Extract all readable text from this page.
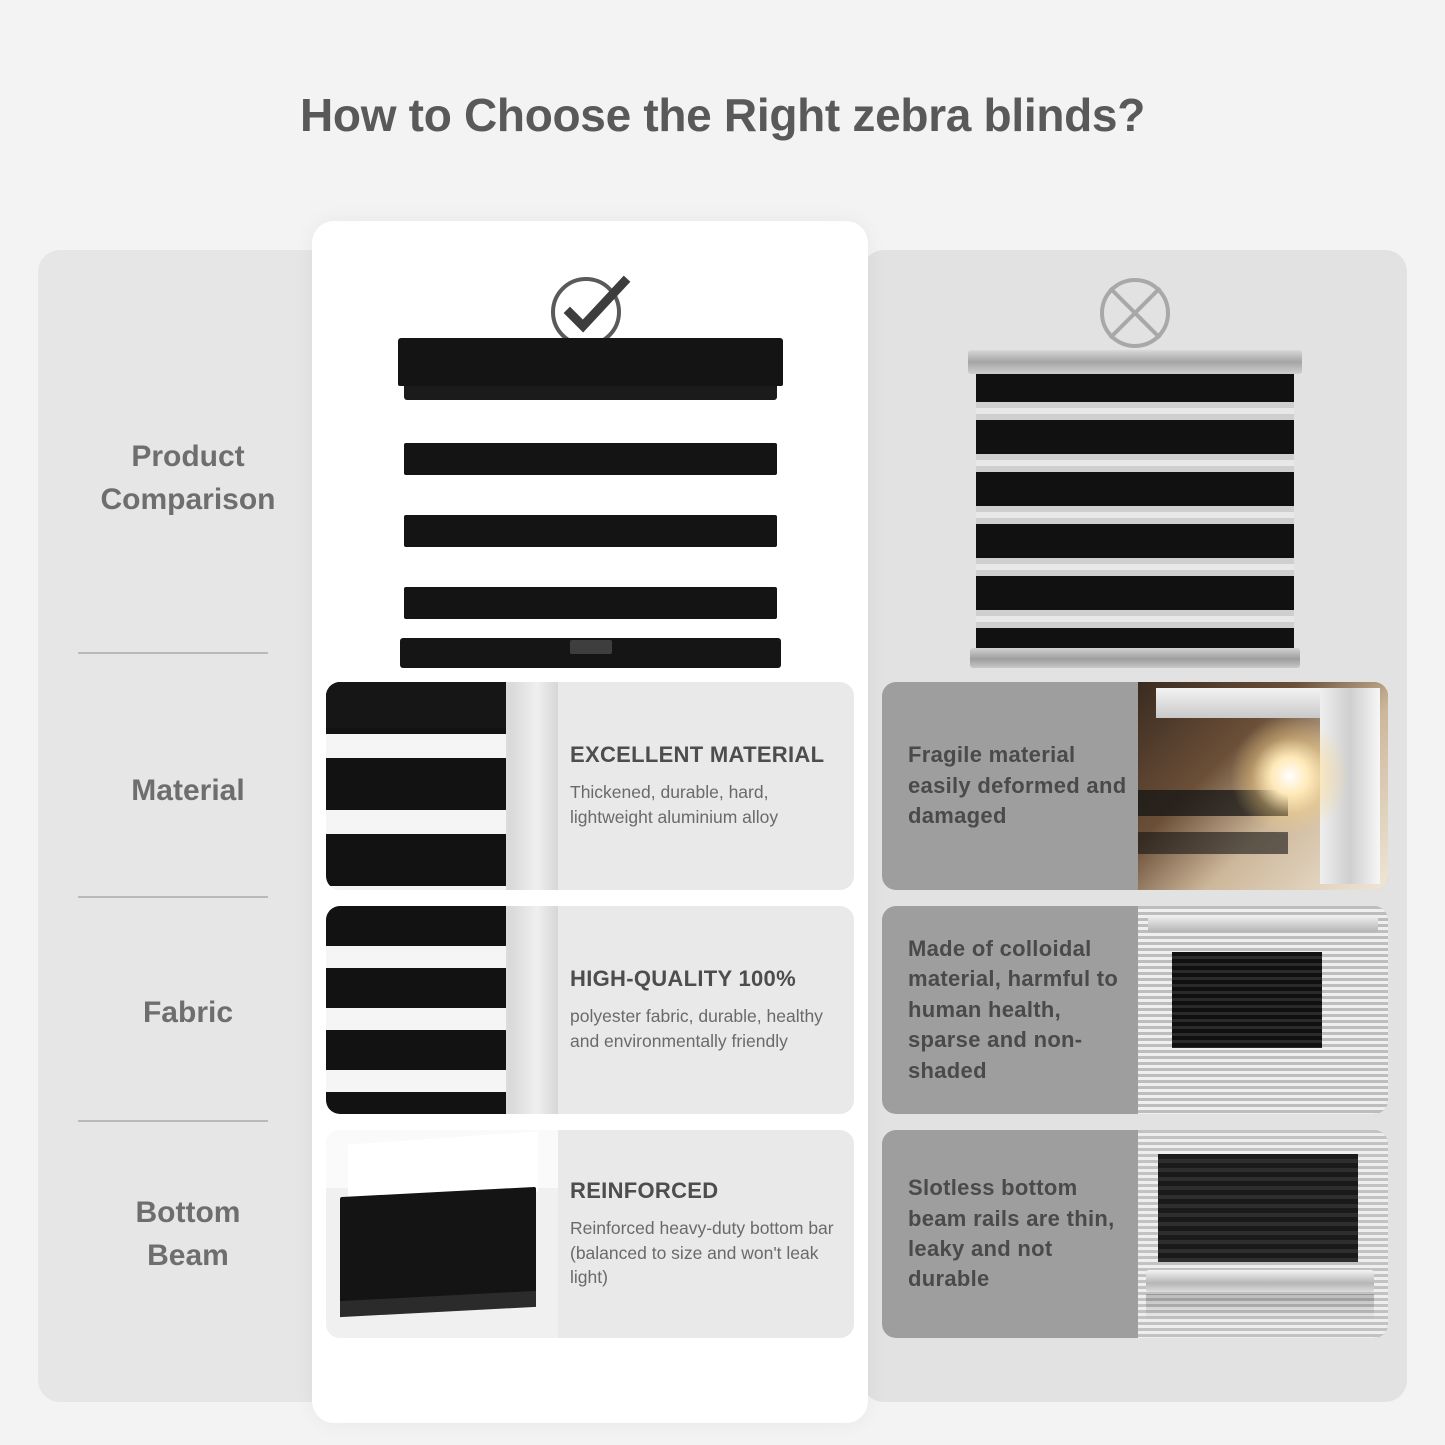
How to Choose the Right zebra blinds?
Product
Comparison
Material
Fabric
Bottom
Beam
EXCELLENT MATERIAL
Thickened, durable, hard, lightweight aluminium alloy
Fragile material easily deformed and damaged
HIGH-QUALITY 100%
polyester fabric, durable, healthy and environmentally friendly
Made of colloidal material, harmful to human health, sparse and non-shaded
REINFORCED
Reinforced heavy-duty bottom bar (balanced to size and won't leak light)
Slotless bottom beam rails are thin, leaky and not durable
